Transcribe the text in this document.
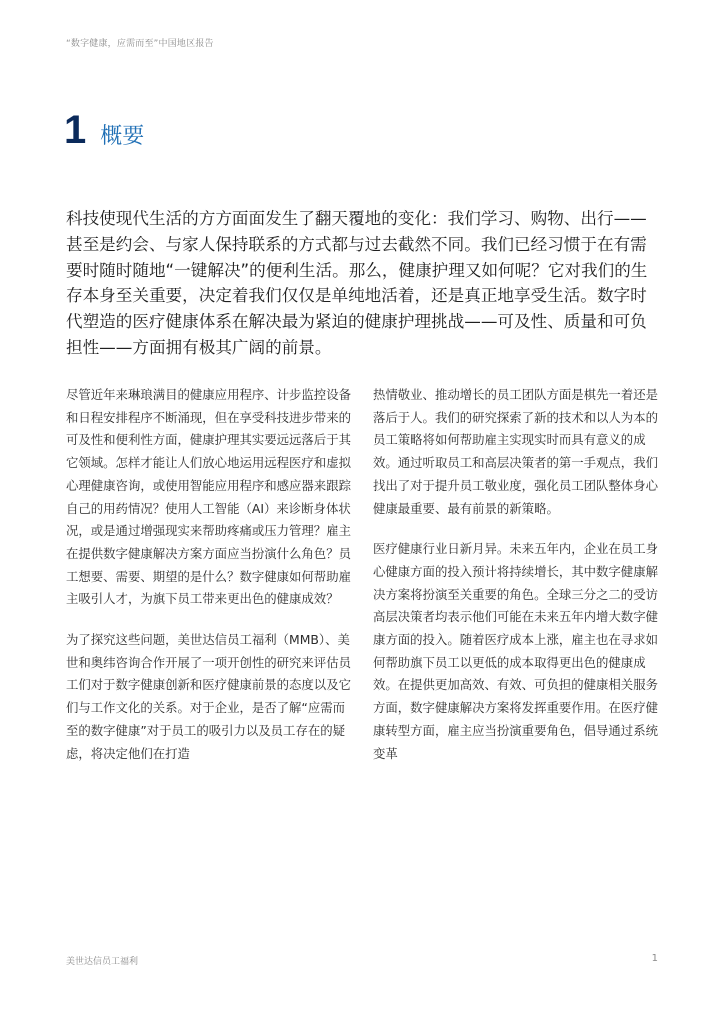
“数字健康，应需而至”中国地区报告
1 概要

科技使现代生活的方方面面发生了翻天覆地的变化：我们学习、购物、出行——甚至是约会、与家人保持联系的方式都与过去截然不同。我们已经习惯于在有需要时随时随地“一键解决”的便利生活。那么，健康护理又如何呢？它对我们的生存本身至关重要，决定着我们仅仅是单纯地活着，还是真正地享受生活。数字时代塑造的医疗健康体系在解决最为紧迫的健康护理挑战——可及性、质量和可负担性——方面拥有极其广阔的前景。

尽管近年来琳琅满目的健康应用程序、计步监控设备和日程安排程序不断涌现，但在享受科技进步带来的可及性和便利性方面，健康护理其实要远远落后于其它领域。怎样才能让人们放心地运用远程医疗和虚拟心理健康咨询，或使用智能应用程序和感应器来跟踪自己的用药情况？使用人工智能（AI）来诊断身体状况，或是通过增强现实来帮助疼痛或压力管理？雇主在提供数字健康解决方案方面应当扮演什么角色？员工想要、需要、期望的是什么？数字健康如何帮助雇主吸引人才，为旗下员工带来更出色的健康成效？

为了探究这些问题，美世达信员工福利（MMB）、美世和奥纬咨询合作开展了一项开创性的研究来评估员工们对于数字健康创新和医疗健康前景的态度以及它们与工作文化的关系。对于企业，是否了解“应需而至的数字健康”对于员工的吸引力以及员工存在的疑虑，将决定他们在打造

热情敬业、推动增长的员工团队方面是棋先一着还是落后于人。我们的研究探索了新的技术和以人为本的员工策略将如何帮助雇主实现实时而具有意义的成效。通过听取员工和高层决策者的第一手观点，我们找出了对于提升员工敬业度，强化员工团队整体身心健康最重要、最有前景的新策略。

医疗健康行业日新月异。未来五年内，企业在员工身心健康方面的投入预计将持续增长，其中数字健康解决方案将扮演至关重要的角色。全球三分之二的受访高层决策者均表示他们可能在未来五年内增大数字健康方面的投入。随着医疗成本上涨，雇主也在寻求如何帮助旗下员工以更低的成本取得更出色的健康成效。在提供更加高效、有效、可负担的健康相关服务方面，数字健康解决方案将发挥重要作用。在医疗健康转型方面，雇主应当扮演重要角色，倡导通过系统变革

美世达信员工福利	1
